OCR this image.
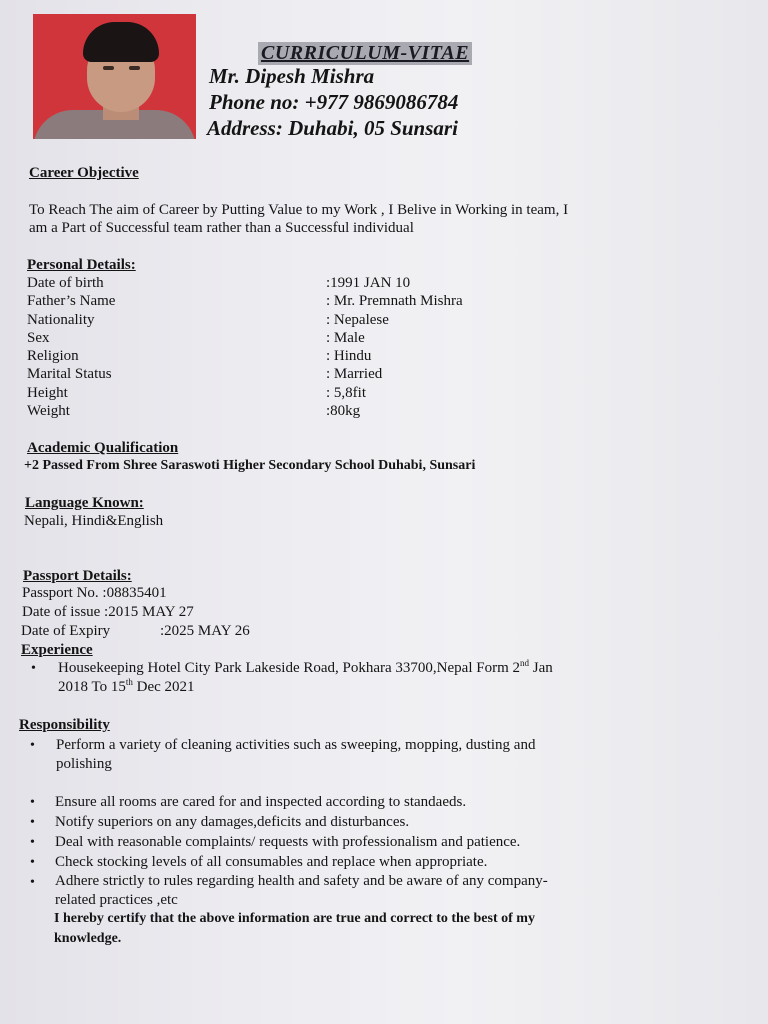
CURRICULUM-VITAE
Mr. Dipesh Mishra
Phone no: +977 9869086784
Address: Duhabi, 05 Sunsari
Career Objective
To Reach The aim of Career by Putting Value to my Work , I Belive in Working in team, I
am a Part of Successful team rather than a Successful individual
Personal Details:
Date of birth	:1991 JAN 10
Father’s Name	: Mr. Premnath Mishra
Nationality	: Nepalese
Sex	: Male
Religion	: Hindu
Marital Status	: Married
Height	: 5,8fit
Weight	:80kg
Academic Qualification
+2 Passed From Shree Saraswoti Higher Secondary School Duhabi, Sunsari
Language Known:
Nepali, Hindi&English
Passport Details:
Passport No. :08835401
Date of issue :2015 MAY 27
Date of Expiry	:2025 MAY 26
Experience
• Housekeeping Hotel City Park Lakeside Road, Pokhara 33700,Nepal Form 2nd Jan
2018 To 15th Dec 2021
Responsibility
• Perform a variety of cleaning activities such as sweeping, mopping, dusting and
polishing
• Ensure all rooms are cared for and inspected according to standaeds.
• Notify superiors on any damages,deficits and disturbances.
• Deal with reasonable complaints/ requests with professionalism and patience.
• Check stocking levels of all consumables and replace when appropriate.
• Adhere strictly to rules regarding health and safety and be aware of any company-
related practices ,etc
I hereby certify that the above information are true and correct to the best of my
knowledge.
